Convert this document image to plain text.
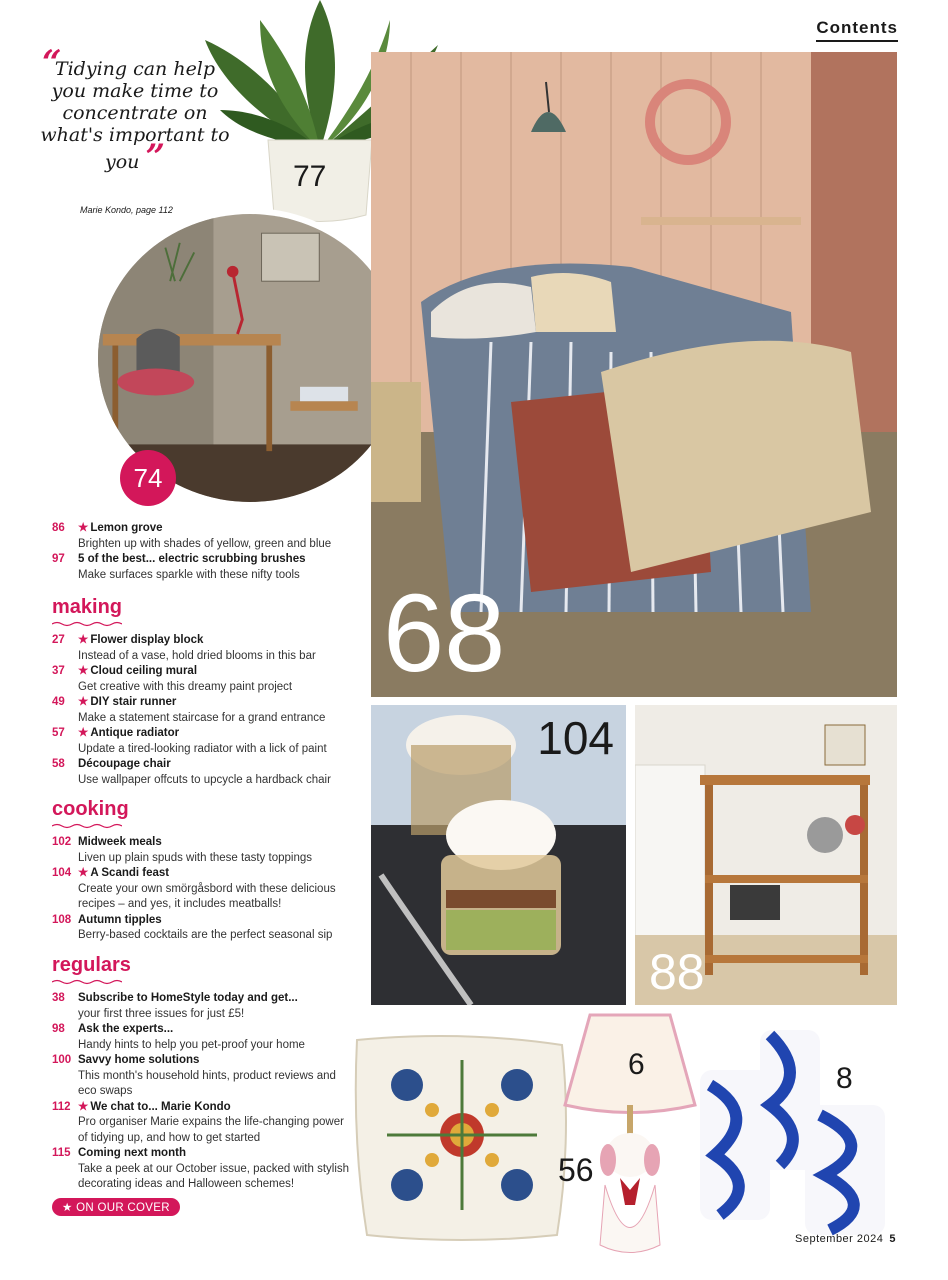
Contents
“
Tidying can help you make time to concentrate on what's important to you ”
Marie Kondo, page 112
77
74
68
104
88
56
6	8
86 ★ Lemon grove
Brighten up with shades of yellow, green and blue
97 5 of the best... electric scrubbing brushes
Make surfaces sparkle with these nifty tools
making
27 ★ Flower display block
Instead of a vase, hold dried blooms in this bar
37 ★ Cloud ceiling mural
Get creative with this dreamy paint project
49 ★ DIY stair runner
Make a statement staircase for a grand entrance
57 ★ Antique radiator
Update a tired-looking radiator with a lick of paint
58 Découpage chair
Use wallpaper offcuts to upcycle a hardback chair
cooking
102 Midweek meals
Liven up plain spuds with these tasty toppings
104 ★ A Scandi feast
Create your own smörgåsbord with these delicious recipes – and yes, it includes meatballs!
108 Autumn tipples
Berry-based cocktails are the perfect seasonal sip
regulars
38 Subscribe to HomeStyle today and get...
your first three issues for just £5!
98 Ask the experts...
Handy hints to help you pet-proof your home
100 Savvy home solutions
This month's household hints, product reviews and eco swaps
112 ★ We chat to... Marie Kondo
Pro organiser Marie expains the life-changing power of tidying up, and how to get started
115 Coming next month
Take a peek at our October issue, packed with stylish decorating ideas and Halloween schemes!
★ ON OUR COVER
September 2024 5
